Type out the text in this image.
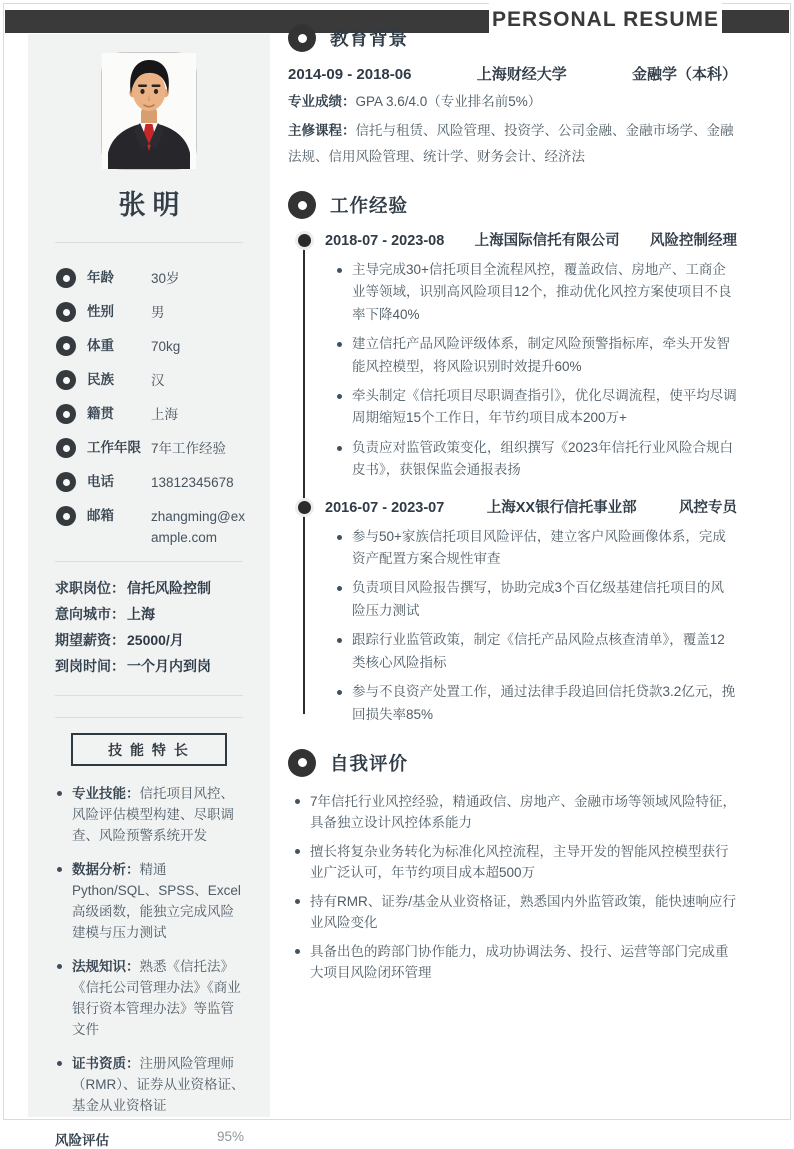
PERSONAL RESUME
张明
年龄	30岁
性别	男
体重	70kg
民族	汉
籍贯	上海
工作年限 7年工作经验
电话	13812345678
邮箱	zhangming@example.com
求职岗位： 信托风险控制
意向城市： 上海
期望薪资： 25000/月
到岗时间： 一个月内到岗
技 能 特 长
专业技能：信托项目风控、风险评估模型构建、尽职调查、风险预警系统开发
数据分析：精通Python/SQL、SPSS、Excel高级函数，能独立完成风险建模与压力测试
法规知识：熟悉《信托法》《信托公司管理办法》《商业银行资本管理办法》等监管文件
证书资质：注册风险管理师（RMR）、证券从业资格证、基金从业资格证
风险评估	95%
教育背景
2014-09 - 2018-06	上海财经大学	金融学（本科）
专业成绩：GPA 3.6/4.0（专业排名前5%）
主修课程：信托与租赁、风险管理、投资学、公司金融、金融市场学、金融法规、信用风险管理、统计学、财务会计、经济法
工作经验
2018-07 - 2023-08 上海国际信托有限公司 风险控制经理
主导完成30+信托项目全流程风控，覆盖政信、房地产、工商企业等领域，识别高风险项目12个，推动优化风控方案使项目不良率下降40%
建立信托产品风险评级体系，制定风险预警指标库，牵头开发智能风控模型，将风险识别时效提升60%
牵头制定《信托项目尽职调查指引》，优化尽调流程，使平均尽调周期缩短15个工作日，年节约项目成本200万+
负责应对监管政策变化，组织撰写《2023年信托行业风险合规白皮书》，获银保监会通报表扬
2016-07 - 2023-07	上海XX银行信托事业部	风控专员
参与50+家族信托项目风险评估，建立客户风险画像体系，完成资产配置方案合规性审查
负责项目风险报告撰写，协助完成3个百亿级基建信托项目的风险压力测试
跟踪行业监管政策，制定《信托产品风险点核查清单》，覆盖12类核心风险指标
参与不良资产处置工作，通过法律手段追回信托贷款3.2亿元，挽回损失率85%
自我评价
7年信托行业风控经验，精通政信、房地产、金融市场等领域风险特征，具备独立设计风控体系能力
擅长将复杂业务转化为标准化风控流程，主导开发的智能风控模型获行业广泛认可，年节约项目成本超500万
持有RMR、证券/基金从业资格证，熟悉国内外监管政策，能快速响应行业风险变化
具备出色的跨部门协作能力，成功协调法务、投行、运营等部门完成重大项目风险闭环管理
